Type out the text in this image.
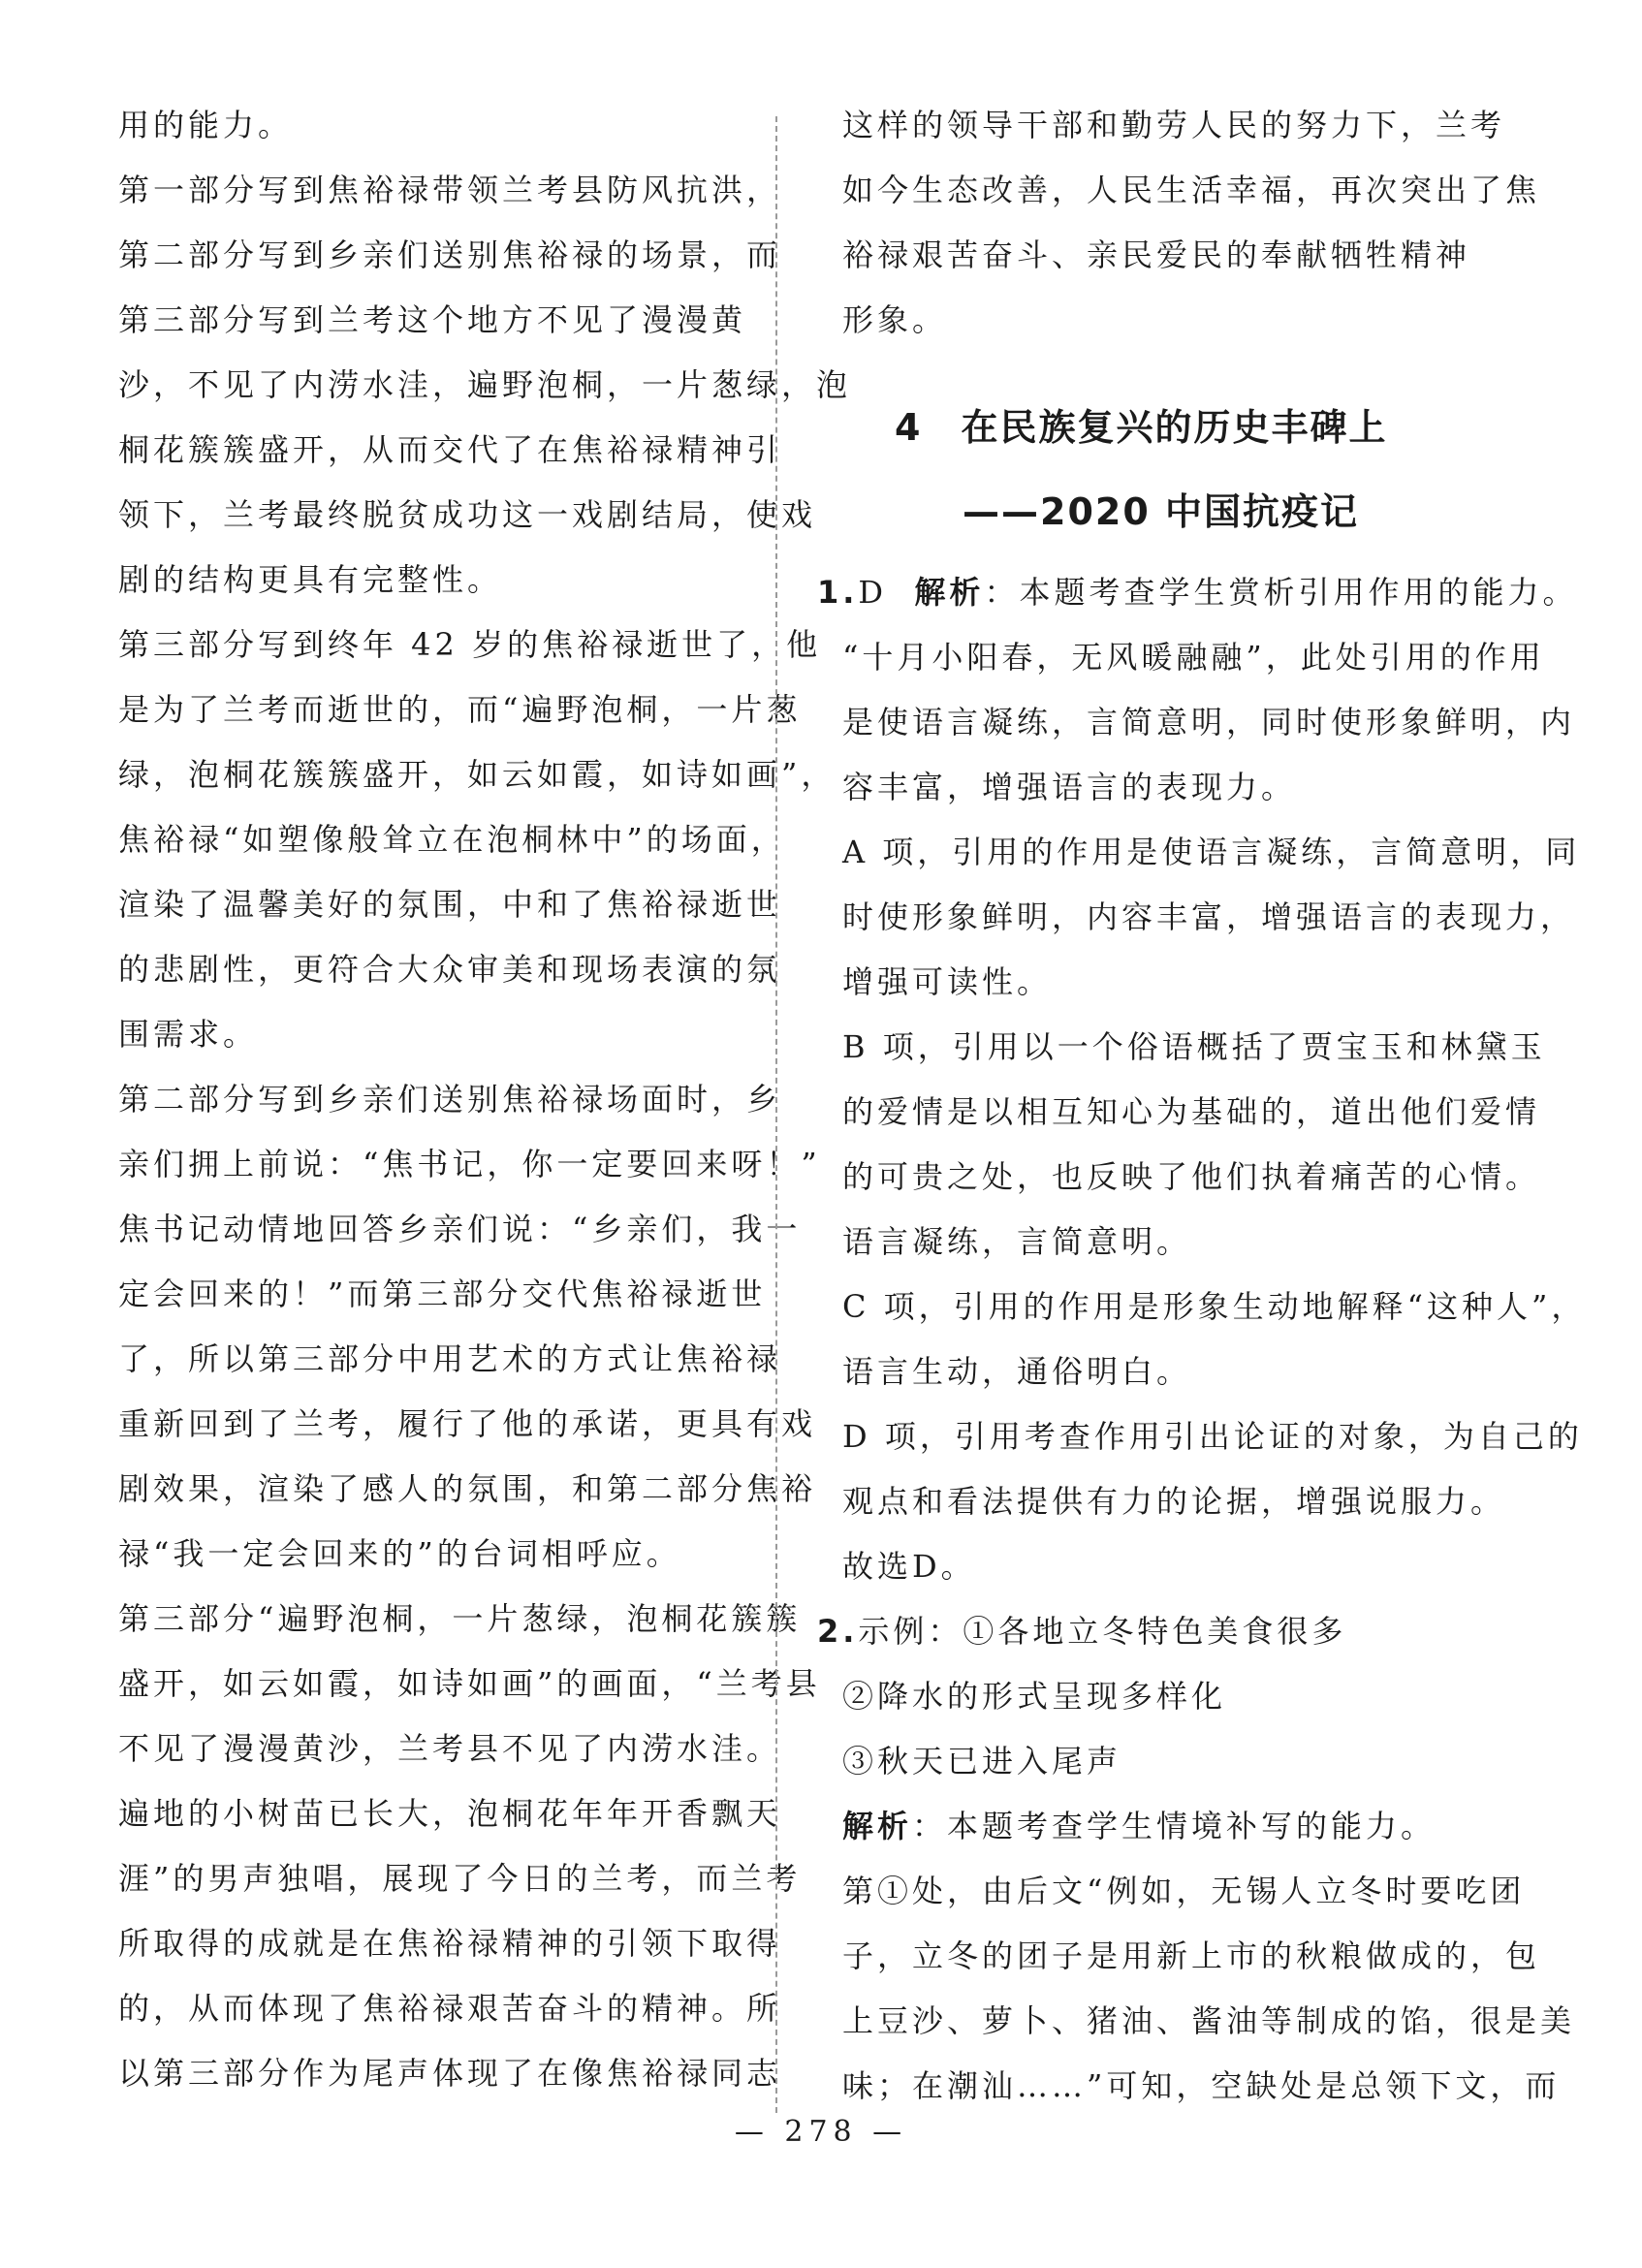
用的能力。
第一部分写到焦裕禄带领兰考县防风抗洪，
第二部分写到乡亲们送别焦裕禄的场景，而
第三部分写到兰考这个地方不见了漫漫黄
沙，不见了内涝水洼，遍野泡桐，一片葱绿，泡
桐花簇簇盛开，从而交代了在焦裕禄精神引
领下，兰考最终脱贫成功这一戏剧结局，使戏
剧的结构更具有完整性。
第三部分写到终年 42 岁的焦裕禄逝世了，他
是为了兰考而逝世的，而“遍野泡桐，一片葱
绿，泡桐花簇簇盛开，如云如霞，如诗如画”，
焦裕禄“如塑像般耸立在泡桐林中”的场面，
渲染了温馨美好的氛围，中和了焦裕禄逝世
的悲剧性，更符合大众审美和现场表演的氛
围需求。
第二部分写到乡亲们送别焦裕禄场面时，乡
亲们拥上前说：“焦书记，你一定要回来呀！”
焦书记动情地回答乡亲们说：“乡亲们，我一
定会回来的！”而第三部分交代焦裕禄逝世
了，所以第三部分中用艺术的方式让焦裕禄
重新回到了兰考，履行了他的承诺，更具有戏
剧效果，渲染了感人的氛围，和第二部分焦裕
禄“我一定会回来的”的台词相呼应。
第三部分“遍野泡桐，一片葱绿，泡桐花簇簇
盛开，如云如霞，如诗如画”的画面，“兰考县
不见了漫漫黄沙，兰考县不见了内涝水洼。
遍地的小树苗已长大，泡桐花年年开香飘天
涯”的男声独唱，展现了今日的兰考，而兰考
所取得的成就是在焦裕禄精神的引领下取得
的，从而体现了焦裕禄艰苦奋斗的精神。所
以第三部分作为尾声体现了在像焦裕禄同志
这样的领导干部和勤劳人民的努力下，兰考
如今生态改善，人民生活幸福，再次突出了焦
裕禄艰苦奋斗、亲民爱民的奉献牺牲精神
形象。
4　在民族复兴的历史丰碑上
——2020 中国抗疫记
1.D 解析：本题考查学生赏析引用作用的能力。
“十月小阳春，无风暖融融”，此处引用的作用
是使语言凝练，言简意明，同时使形象鲜明，内
容丰富，增强语言的表现力。
A 项，引用的作用是使语言凝练，言简意明，同
时使形象鲜明，内容丰富，增强语言的表现力，
增强可读性。
B 项，引用以一个俗语概括了贾宝玉和林黛玉
的爱情是以相互知心为基础的，道出他们爱情
的可贵之处，也反映了他们执着痛苦的心情。
语言凝练，言简意明。
C 项，引用的作用是形象生动地解释“这种人”，
语言生动，通俗明白。
D 项，引用考查作用引出论证的对象，为自己的
观点和看法提供有力的论据，增强说服力。
故选D。
2.示例：①各地立冬特色美食很多
②降水的形式呈现多样化
③秋天已进入尾声
解析：本题考查学生情境补写的能力。
第①处，由后文“例如，无锡人立冬时要吃团
子，立冬的团子是用新上市的秋粮做成的，包
上豆沙、萝卜、猪油、酱油等制成的馅，很是美
味；在潮汕……”可知，空缺处是总领下文，而
— 278 —
